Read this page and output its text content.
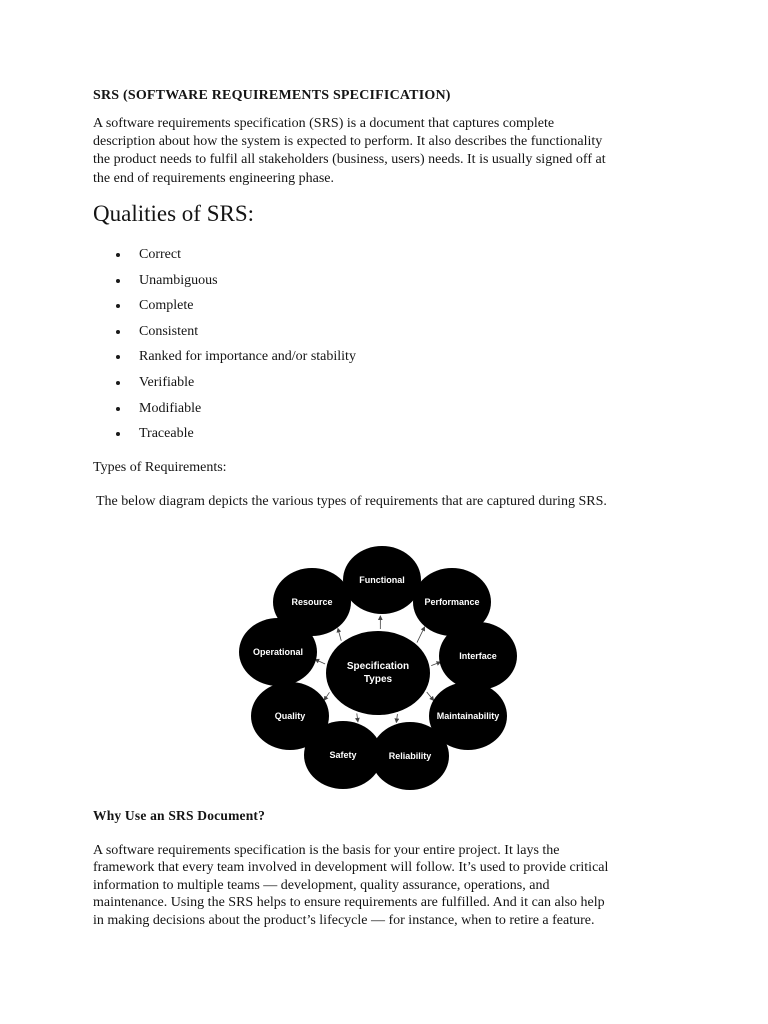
SRS (SOFTWARE REQUIREMENTS SPECIFICATION)
A software requirements specification (SRS) is a document that captures complete
description about how the system is expected to perform. It also describes the functionality
the product needs to fulfil all stakeholders (business, users) needs. It is usually signed off at
the end of requirements engineering phase.
Qualities of SRS:
Correct
Unambiguous
Complete
Consistent
Ranked for importance and/or stability
Verifiable
Modifiable
Traceable
Types of Requirements:
The below diagram depicts the various types of requirements that are captured during SRS.
Functional
Performance
Interface
Maintainability
Reliability
Safety
Quality
Operational
Resource
Specification
Types
Why Use an SRS Document?
A software requirements specification is the basis for your entire project. It lays the
framework that every team involved in development will follow. It’s used to provide critical
information to multiple teams — development, quality assurance, operations, and
maintenance. Using the SRS helps to ensure requirements are fulfilled. And it can also help
in making decisions about the product’s lifecycle — for instance, when to retire a feature.
